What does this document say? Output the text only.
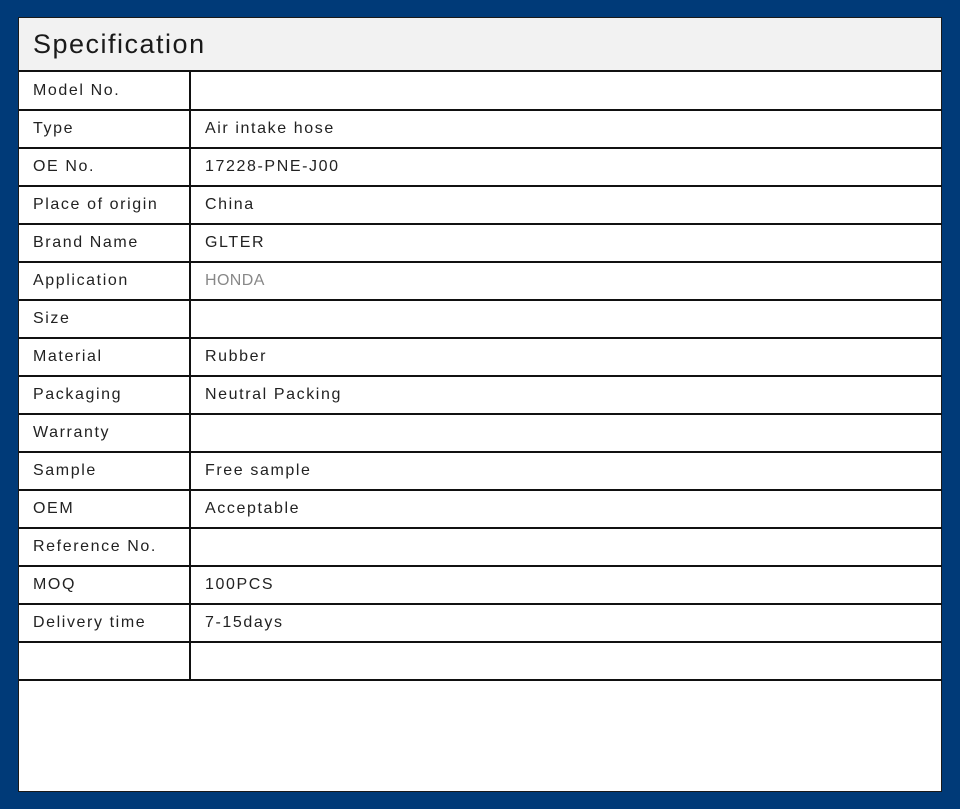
Specification
Model No.	
Type	Air intake hose
OE No.	17228-PNE-J00
Place of origin	China
Brand Name	GLTER
Application	HONDA
Size	
Material	Rubber
Packaging	Neutral Packing
Warranty	
Sample	Free sample
OEM	Acceptable
Reference No.	
MOQ	100PCS
Delivery time	7-15days
